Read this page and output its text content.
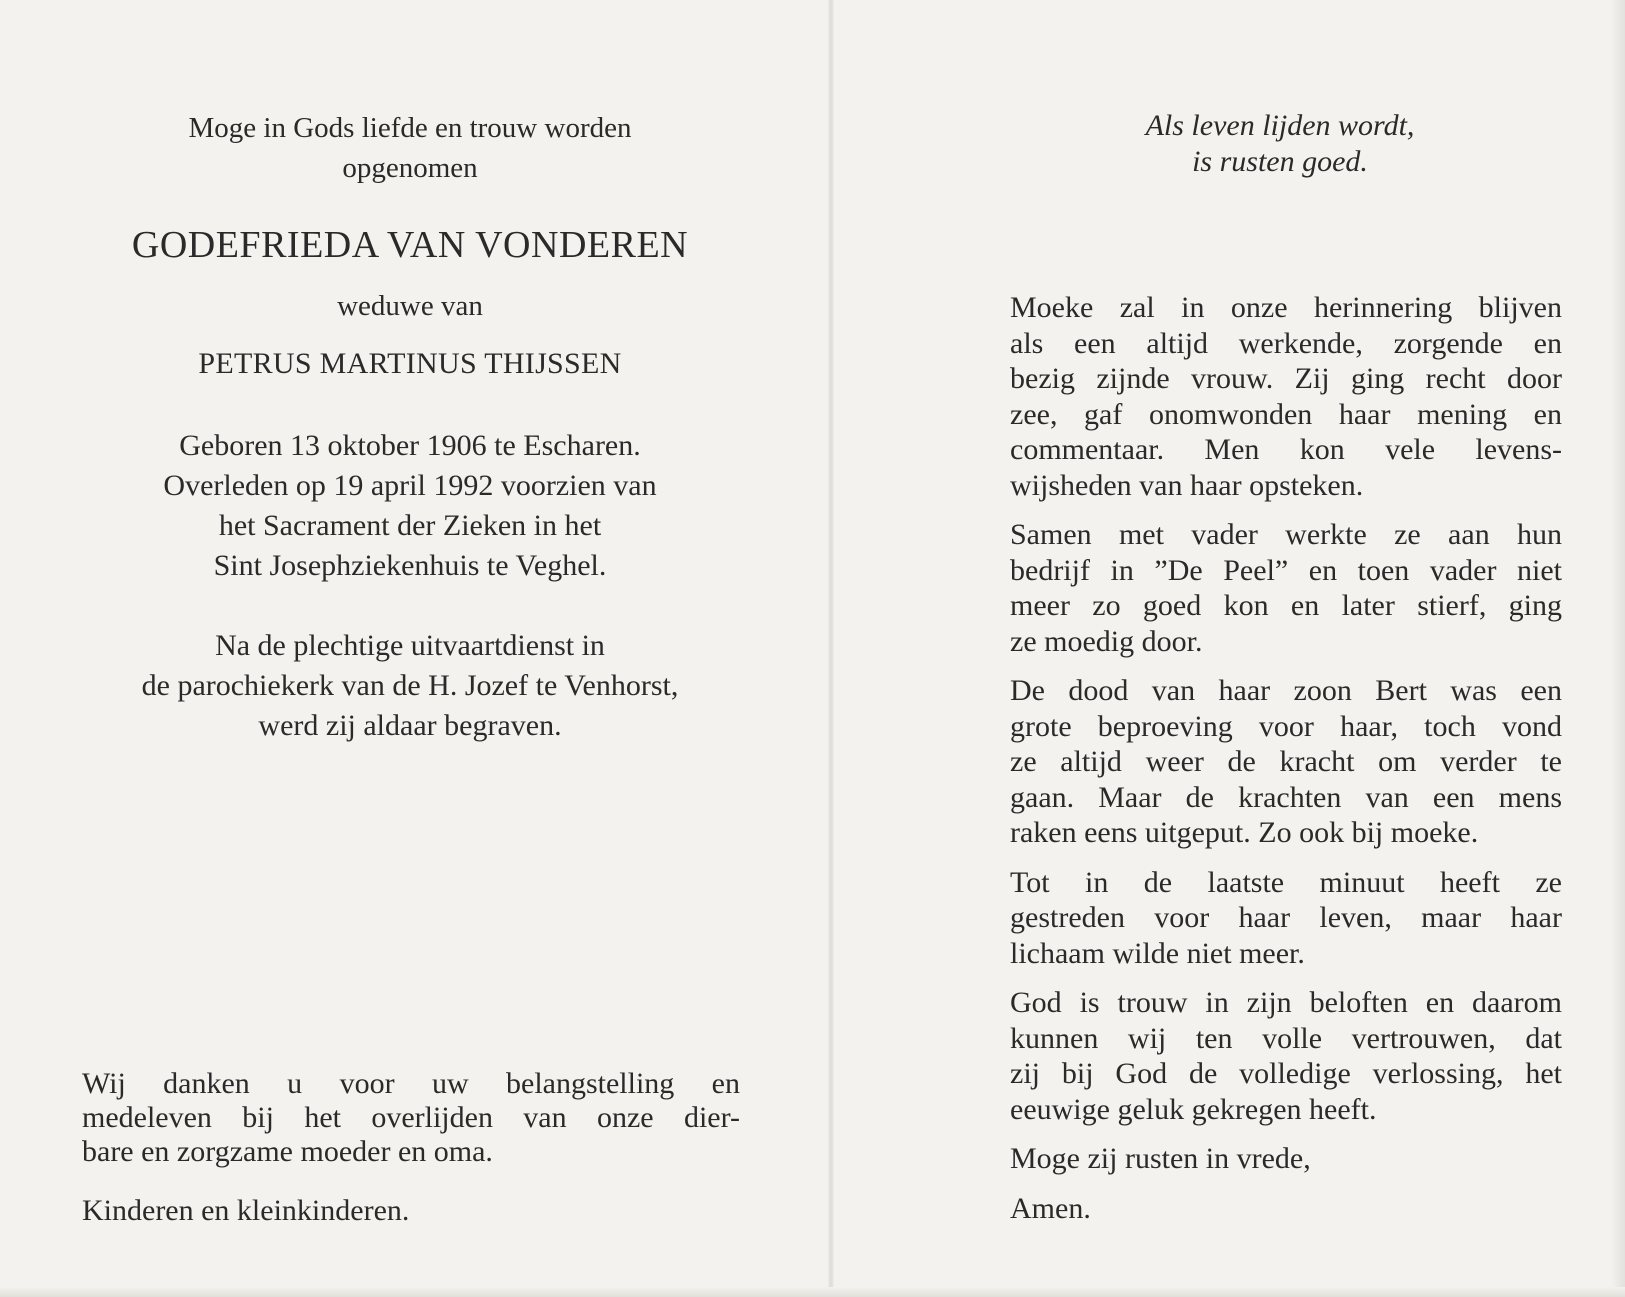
Moge in Gods liefde en trouw worden
opgenomen
GODEFRIEDA VAN VONDEREN
weduwe van
PETRUS MARTINUS THIJSSEN
Geboren 13 oktober 1906 te Escharen.
Overleden op 19 april 1992 voorzien van
het Sacrament der Zieken in het
Sint Josephziekenhuis te Veghel.
Na de plechtige uitvaartdienst in
de parochiekerk van de H. Jozef te Venhorst,
werd zij aldaar begraven.
Wij danken u voor uw belangstelling en
medeleven bij het overlijden van onze dier-
bare en zorgzame moeder en oma.
Kinderen en kleinkinderen.
Als leven lijden wordt,
is rusten goed.
Moeke zal in onze herinnering blijven
als een altijd werkende, zorgende en
bezig zijnde vrouw. Zij ging recht door
zee, gaf onomwonden haar mening en
commentaar. Men kon vele levens-
wijsheden van haar opsteken.
Samen met vader werkte ze aan hun
bedrijf in ”De Peel” en toen vader niet
meer zo goed kon en later stierf, ging
ze moedig door.
De dood van haar zoon Bert was een
grote beproeving voor haar, toch vond
ze altijd weer de kracht om verder te
gaan. Maar de krachten van een mens
raken eens uitgeput. Zo ook bij moeke.
Tot in de laatste minuut heeft ze
gestreden voor haar leven, maar haar
lichaam wilde niet meer.
God is trouw in zijn beloften en daarom
kunnen wij ten volle vertrouwen, dat
zij bij God de volledige verlossing, het
eeuwige geluk gekregen heeft.
Moge zij rusten in vrede,
Amen.
